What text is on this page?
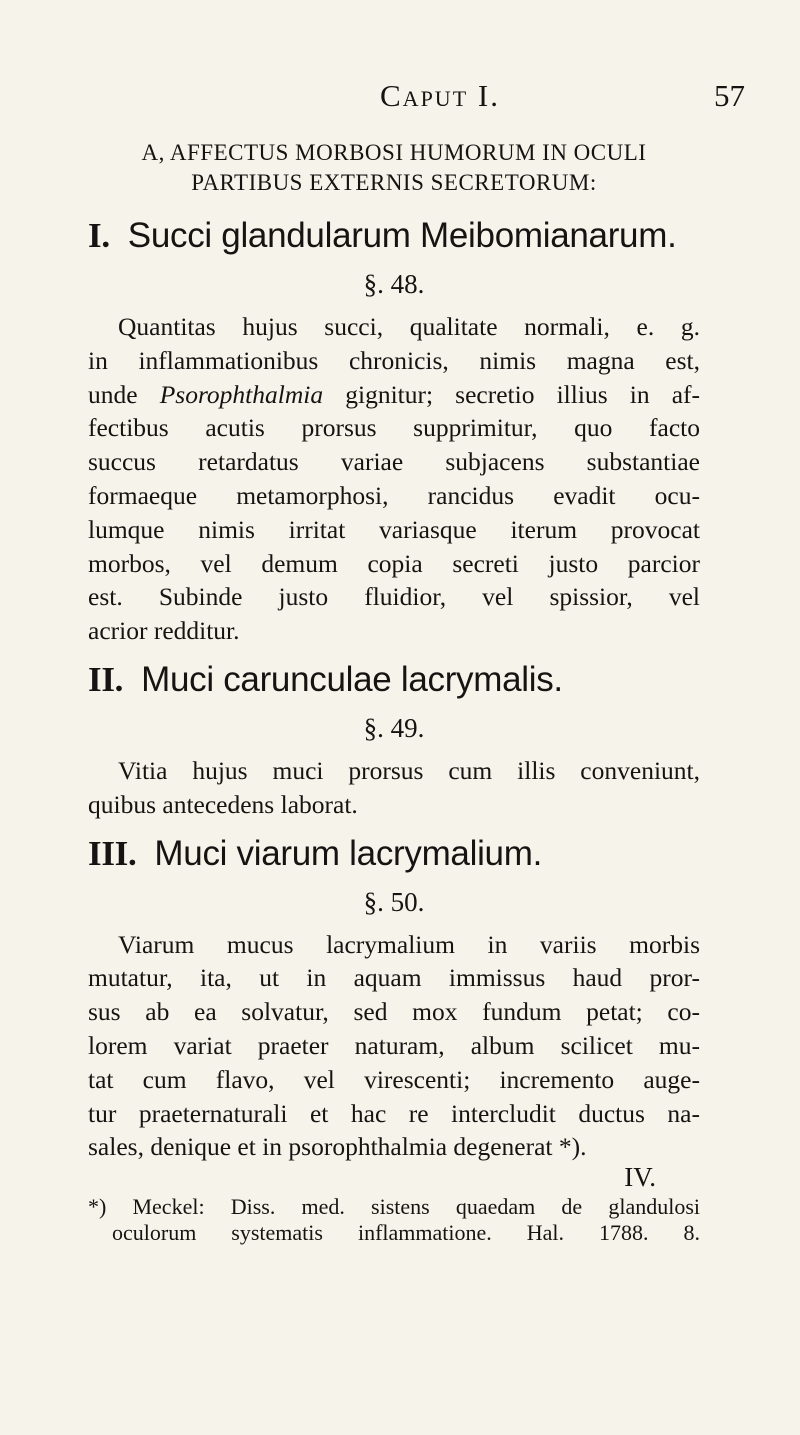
Caput I.	57
A, AFFECTUS MORBOSI HUMORUM IN OCULI
PARTIBUS EXTERNIS SECRETORUM:
I. Succi glandularum Meibomianarum.
§. 48.

Quantitas hujus succi, qualitate normali, e. g.
in inflammationibus chronicis, nimis magna est,
unde Psorophthalmia gignitur; secretio illius in af-
fectibus acutis prorsus supprimitur, quo facto
succus retardatus variae subjacens substantiae
formaeque metamorphosi, rancidus evadit ocu-
lumque nimis irritat variasque iterum provocat
morbos, vel demum copia secreti justo parcior
est. Subinde justo fluidior, vel spissior, vel
acrior redditur.

II. Muci carunculae lacrymalis.
§. 49.

Vitia hujus muci prorsus cum illis conveniunt,
quibus antecedens laborat.

III. Muci viarum lacrymalium.
§. 50.

Viarum mucus lacrymalium in variis morbis
mutatur, ita, ut in aquam immissus haud pror-
sus ab ea solvatur, sed mox fundum petat; co-
lorem variat praeter naturam, album scilicet mu-
tat cum flavo, vel virescenti; incremento auge-
tur praeternaturali et hac re intercludit ductus na-
sales, denique et in psorophthalmia degenerat *).

IV.
*) Meckel: Diss. med. sistens quaedam de glandulosi
oculorum systematis inflammatione. Hal. 1788. 8.
